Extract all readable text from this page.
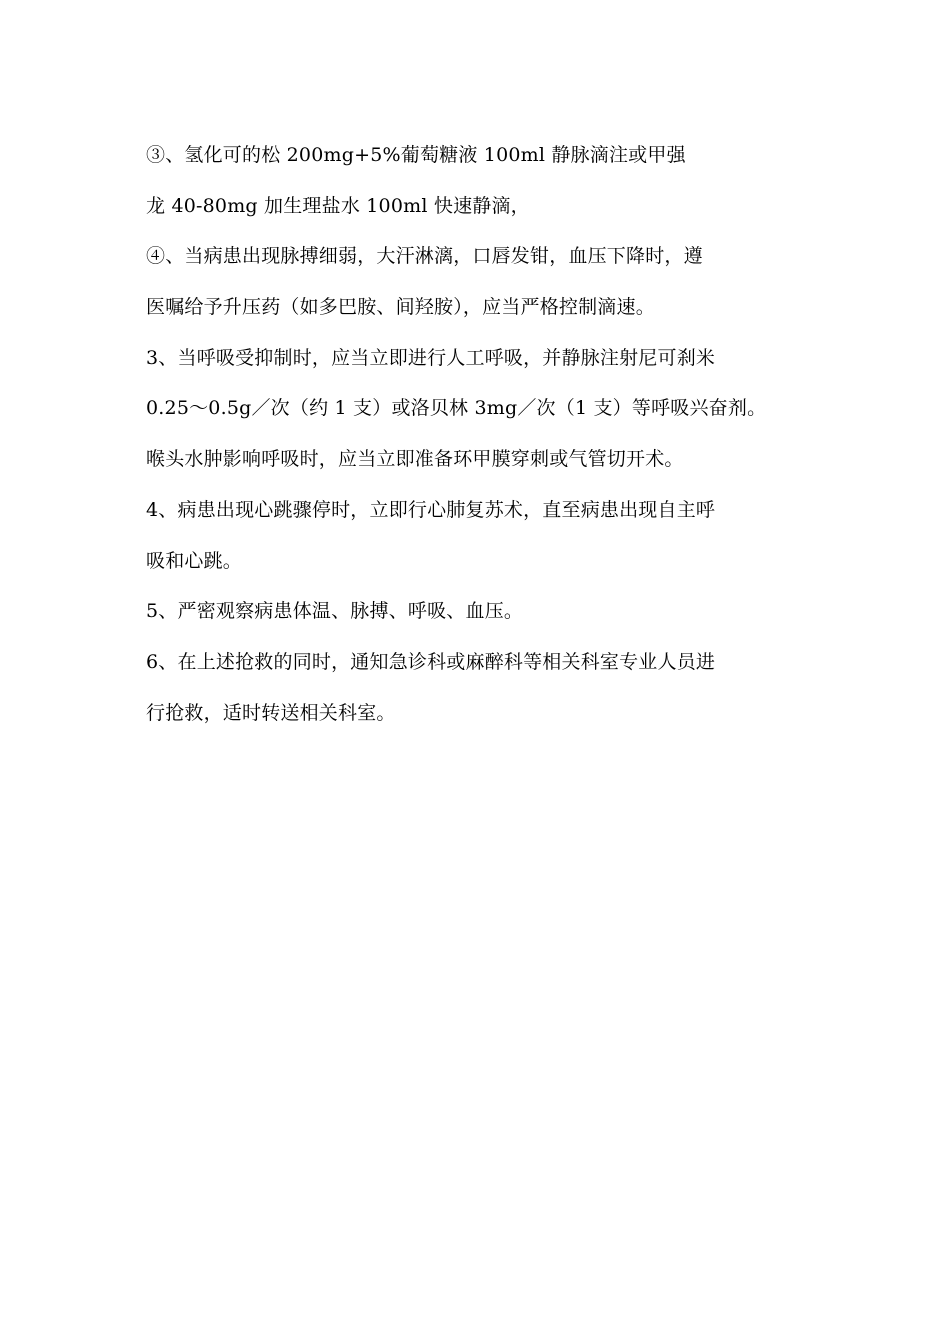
③、氢化可的松 200mg+5%葡萄糖液 100ml 静脉滴注或甲强
龙 40-80mg 加生理盐水 100ml 快速静滴，
④、当病患出现脉搏细弱，大汗淋漓，口唇发钳，血压下降时，遵
医嘱给予升压药（如多巴胺、间羟胺），应当严格控制滴速。
3、当呼吸受抑制时，应当立即进行人工呼吸，并静脉注射尼可刹米
0.25～0.5g／次（约 1 支）或洛贝林 3mg／次（1 支）等呼吸兴奋剂。
喉头水肿影响呼吸时，应当立即准备环甲膜穿刺或气管切开术。
4、病患出现心跳骤停时，立即行心肺复苏术，直至病患出现自主呼
吸和心跳。
5、严密观察病患体温、脉搏、呼吸、血压。
6、在上述抢救的同时，通知急诊科或麻醉科等相关科室专业人员进
行抢救，适时转送相关科室。
